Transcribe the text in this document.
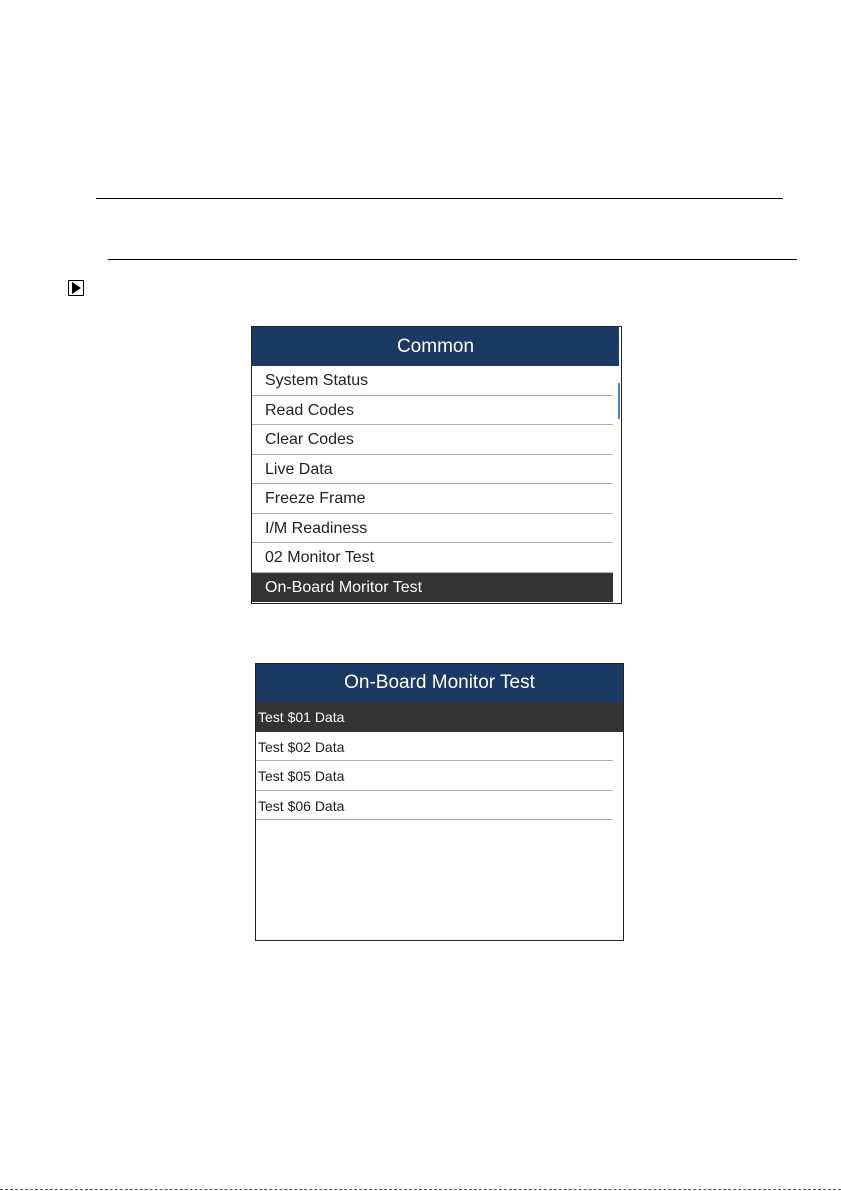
Common
System Status
Read Codes
Clear Codes
Live Data
Freeze Frame
I/M Readiness
02 Monitor Test
On-Board Moritor Test
On-Board Monitor Test
Test $01 Data
Test $02 Data
Test $05 Data
Test $06 Data
